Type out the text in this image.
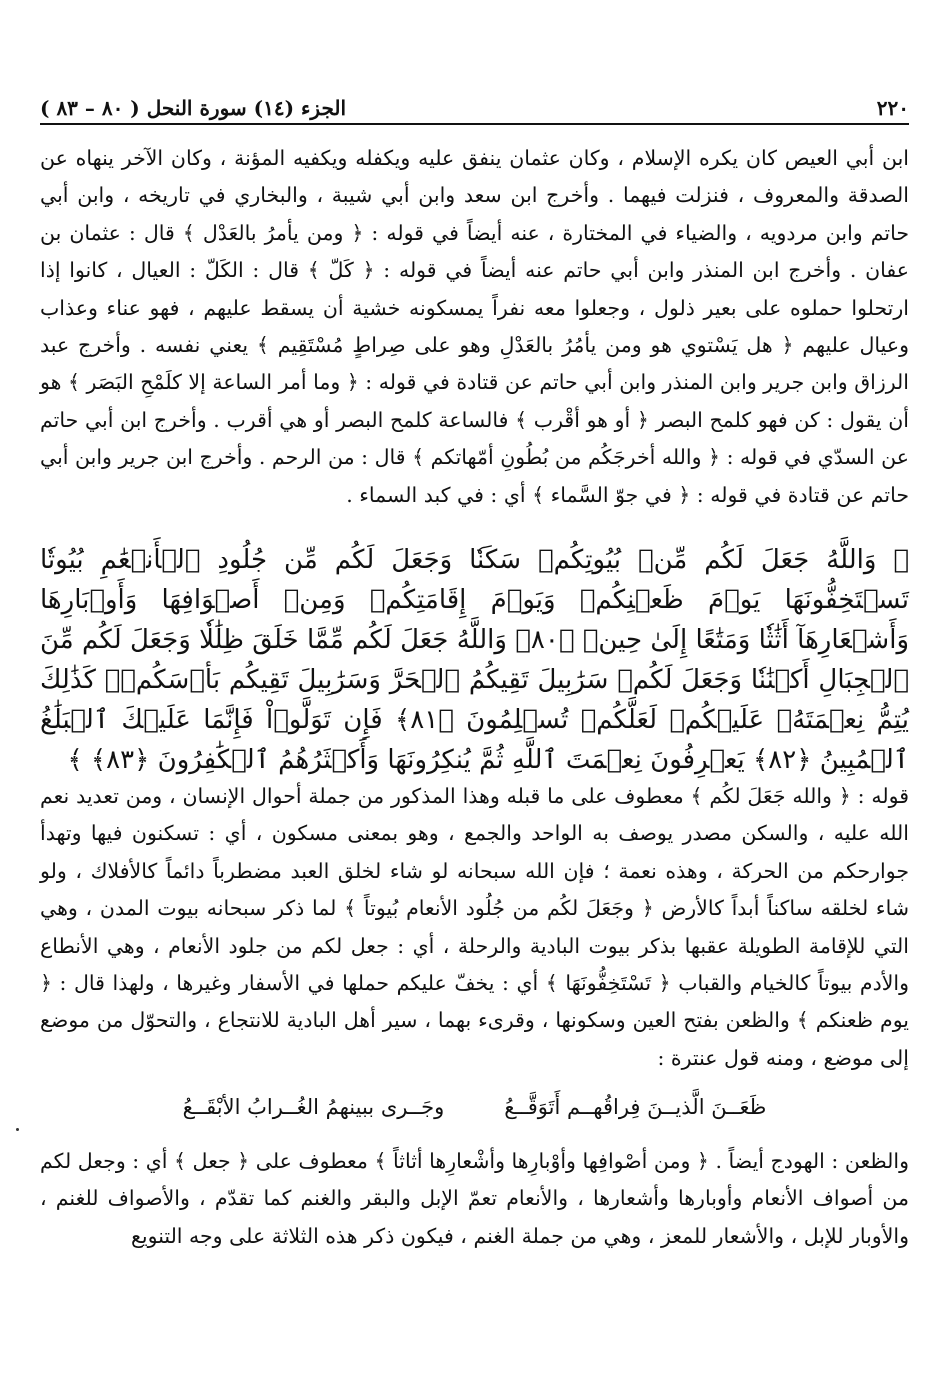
٢٢٠
الجزء (١٤) سورة النحل ( ٨٠ – ٨٣ )

ابن أبي العيص كان يكره الإسلام ، وكان عثمان ينفق عليه ويكفله ويكفيه المؤنة ، وكان الآخر ينهاه عن الصدقة والمعروف ، فنزلت فيهما . وأخرج ابن سعد وابن أبي شيبة ، والبخاري في تاريخه ، وابن أبي حاتم وابن مردويه ، والضياء في المختارة ، عنه أيضاً في قوله : ﴿ ومن يأمرُ بالعَدْل ﴾ قال : عثمان بن عفان . وأخرج ابن المنذر وابن أبي حاتم عنه أيضاً في قوله : ﴿ كَلّ ﴾ قال : الكَلّ : العيال ، كانوا إذا ارتحلوا حملوه على بعير ذلول ، وجعلوا معه نفراً يمسكونه خشية أن يسقط عليهم ، فهو عناء وعذاب وعيال عليهم ﴿ هل يَسْتوي هو ومن يأمُرُ بالعَدْلِ وهو على صِراطٍ مُسْتَقِيم ﴾ يعني نفسه . وأخرج عبد الرزاق وابن جرير وابن المنذر وابن أبي حاتم عن قتادة في قوله : ﴿ وما أمر الساعة إلا كلَمْحِ البَصَر ﴾ هو أن يقول : كن فهو كلمح البصر ﴿ أو هو أقْرب ﴾ فالساعة كلمح البصر أو هي أقرب . وأخرج ابن أبي حاتم عن السدّي في قوله : ﴿ والله أخرجَكُم من بُطُونِ أمّهاتكم ﴾ قال : من الرحم . وأخرج ابن جرير وابن أبي حاتم عن قتادة في قوله : ﴿ في جوّ السَّماء ﴾ أي : في كبد السماء .

﴿ وَاللَّهُ جَعَلَ لَكُم مِّنۢ بُيُوتِكُمۡ سَكَنٗا وَجَعَلَ لَكُم مِّن جُلُودِ ٱلۡأَنۡعَٰمِ بُيُوتٗا تَسۡتَخِفُّونَهَا يَوۡمَ ظَعۡنِكُمۡ وَيَوۡمَ إِقَامَتِكُمۡ وَمِنۡ أَصۡوَافِهَا وَأَوۡبَارِهَا وَأَشۡعَارِهَآ أَثَٰثٗا وَمَتَٰعًا إِلَىٰ حِينٖ ﴿٨٠﴾ وَاللَّهُ جَعَلَ لَكُم مِّمَّا خَلَقَ ظِلَٰلٗا وَجَعَلَ لَكُم مِّنَ ٱلۡجِبَالِ أَكۡنَٰنٗا وَجَعَلَ لَكُمۡ سَرَٰبِيلَ تَقِيكُمُ ٱلۡحَرَّ وَسَرَٰبِيلَ تَقِيكُم بَأۡسَكُمۡۚ كَذَٰلِكَ يُتِمُّ نِعۡمَتَهُۥ عَلَيۡكُمۡ لَعَلَّكُمۡ تُسۡلِمُونَ ﴿٨١﴾ فَإِن تَوَلَّوۡاْ فَإِنَّمَا عَلَيۡكَ ٱلۡبَلَٰغُ ٱلۡمُبِينُ ﴿٨٢﴾ يَعۡرِفُونَ نِعۡمَتَ ٱللَّهِ ثُمَّ يُنكِرُونَهَا وَأَكۡثَرُهُمُ ٱلۡكَٰفِرُونَ ﴿٨٣﴾ ﴾

قوله : ﴿ والله جَعَلَ لكُم ﴾ معطوف على ما قبله وهذا المذكور من جملة أحوال الإنسان ، ومن تعديد نعم الله عليه ، والسكن مصدر يوصف به الواحد والجمع ، وهو بمعنى مسكون ، أي : تسكنون فيها وتهدأ جوارحكم من الحركة ، وهذه نعمة ؛ فإن الله سبحانه لو شاء لخلق العبد مضطرباً دائماً كالأفلاك ، ولو شاء لخلقه ساكناً أبداً كالأرض ﴿ وجَعَلَ لكُم من جُلُود الأنعام بُيوتاً ﴾ لما ذكر سبحانه بيوت المدن ، وهي التي للإقامة الطويلة عقبها بذكر بيوت البادية والرحلة ، أي : جعل لكم من جلود الأنعام ، وهي الأنطاع والأدم بيوتاً كالخيام والقباب ﴿ تَسْتَخِفُّونَهَا ﴾ أي : يخفّ عليكم حملها في الأسفار وغيرها ، ولهذا قال : ﴿ يوم ظعنكم ﴾ والظعن بفتح العين وسكونها ، وقرىء بهما ، سير أهل البادية للانتجاع ، والتحوّل من موضع إلى موضع ، ومنه قول عنترة :

ظَعَــنَ الَّذيــنَ فِراقُهــم أَتَوَقَّــعُ
وجَــرى ببينهمُ الغُــرابُ الأبْقَــعُ

والظعن : الهودج أيضاً . ﴿ ومن أصْوافِها وأوْبارِها وأشْعارِها أثاثاً ﴾ معطوف على ﴿ جعل ﴾ أي : وجعل لكم من أصواف الأنعام وأوبارها وأشعارها ، والأنعام تعمّ الإبل والبقر والغنم كما تقدّم ، والأصواف للغنم ، والأوبار للإبل ، والأشعار للمعز ، وهي من جملة الغنم ، فيكون ذكر هذه الثلاثة على وجه التنويع
